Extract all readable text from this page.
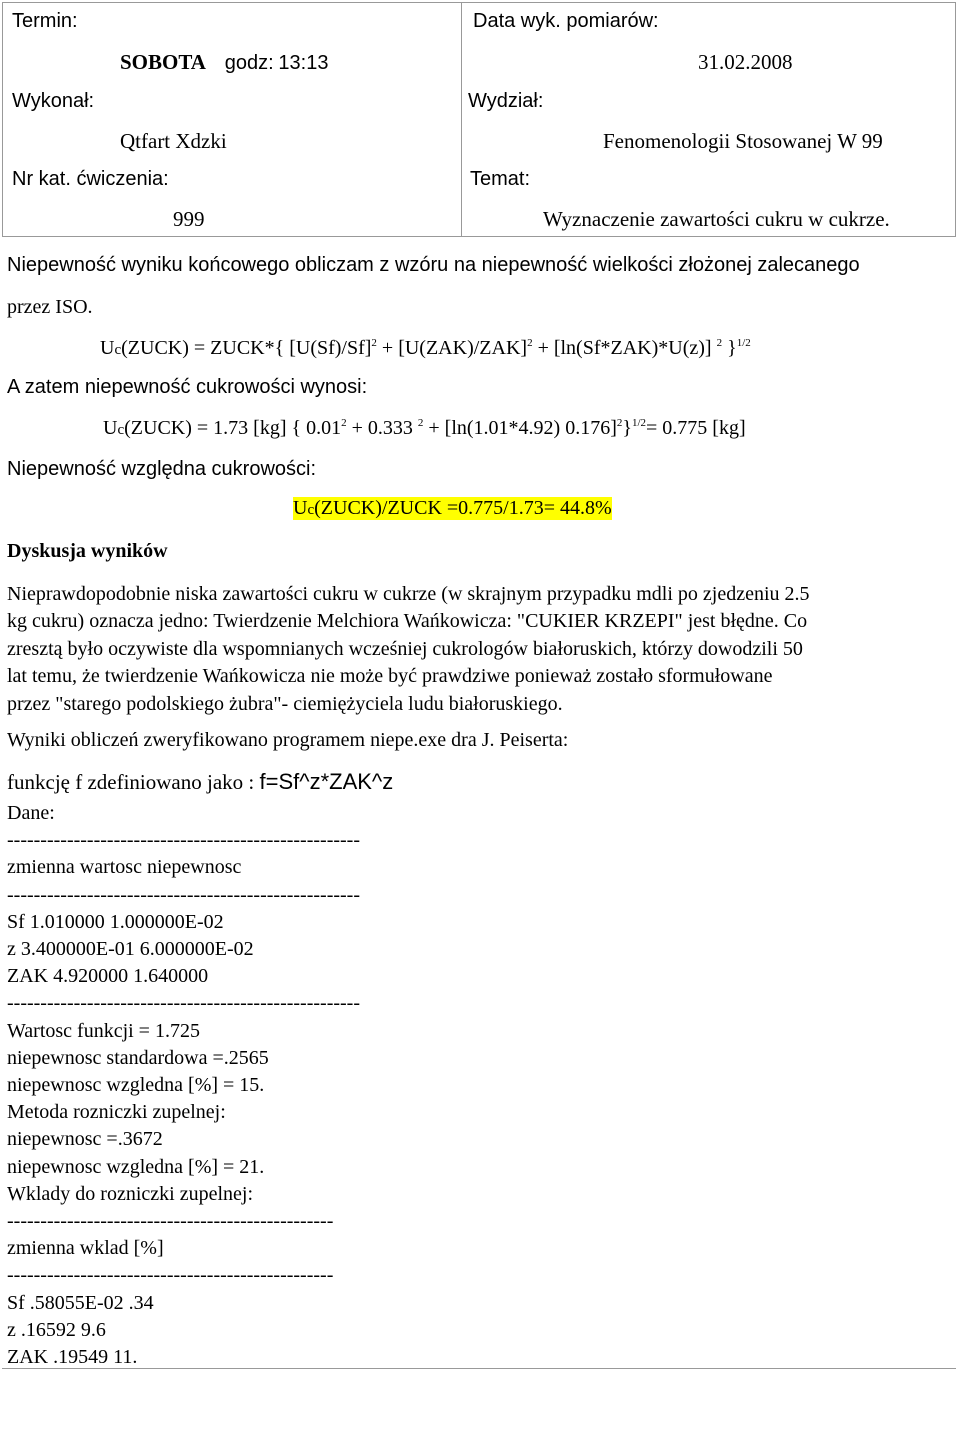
Termin:
SOBOTA godz: 13:13
Data wyk. pomiarów:
31.02.2008
Wykonał:
Qtfart Xdzki
Wydział:
Fenomenologii Stosowanej W 99
Nr kat. ćwiczenia:
999
Temat:
Wyznaczenie zawartości cukru w cukrze.
Niepewność wyniku końcowego obliczam z wzóru na niepewność wielkości złożonej zalecanego
przez ISO.
Uc(ZUCK) = ZUCK*{ $[U(Sf)/Sf]^2 + [U(ZAK)/ZAK]^2 + [\ln(Sf*ZAK)*U(z)]$ $^2$ }$^{1/2}$
A zatem niepewność cukrowości wynosi:
Uc(ZUCK) = 1.73 [kg] { $0.01^2 + 0.333$ $^2$ + [ln(1.01*4.92) 0.176]$^2$}$^{1/2}$= 0.775 [kg]
Niepewność względna cukrowości:
Uc(ZUCK)/ZUCK =0.775/1.73= 44.8%
Dyskusja wyników
Nieprawdopodobnie niska zawartości cukru w cukrze (w skrajnym przypadku mdli po zjedzeniu 2.5
kg cukru) oznacza jedno: Twierdzenie Melchiora Wańkowicza: "CUKIER KRZEPI" jest błędne. Co
zresztą było oczywiste dla wspomnianych wcześniej cukrologów białoruskich, którzy dowodzili 50
lat temu, że twierdzenie Wańkowicza nie może być prawdziwe ponieważ zostało sformułowane
przez "starego podolskiego żubra"- ciemiężyciela ludu białoruskiego.
Wyniki obliczeń zweryfikowano programem niepe.exe dra J. Peiserta:
funkcję f zdefiniowano jako : f=Sf^z*ZAK^z
Dane:
-----------------------------------------------------
zmienna wartosc niepewnosc
-----------------------------------------------------
Sf 1.010000 1.000000E-02
z 3.400000E-01 6.000000E-02
ZAK 4.920000 1.640000
-----------------------------------------------------
Wartosc funkcji = 1.725
niepewnosc standardowa =.2565
niepewnosc wzgledna [%] = 15.
Metoda rozniczki zupelnej:
niepewnosc =.3672
niepewnosc wzgledna [%] = 21.
Wklady do rozniczki zupelnej:
-------------------------------------------------
zmienna wklad [%]
-------------------------------------------------
Sf .58055E-02 .34
z .16592 9.6
ZAK .19549 11.
